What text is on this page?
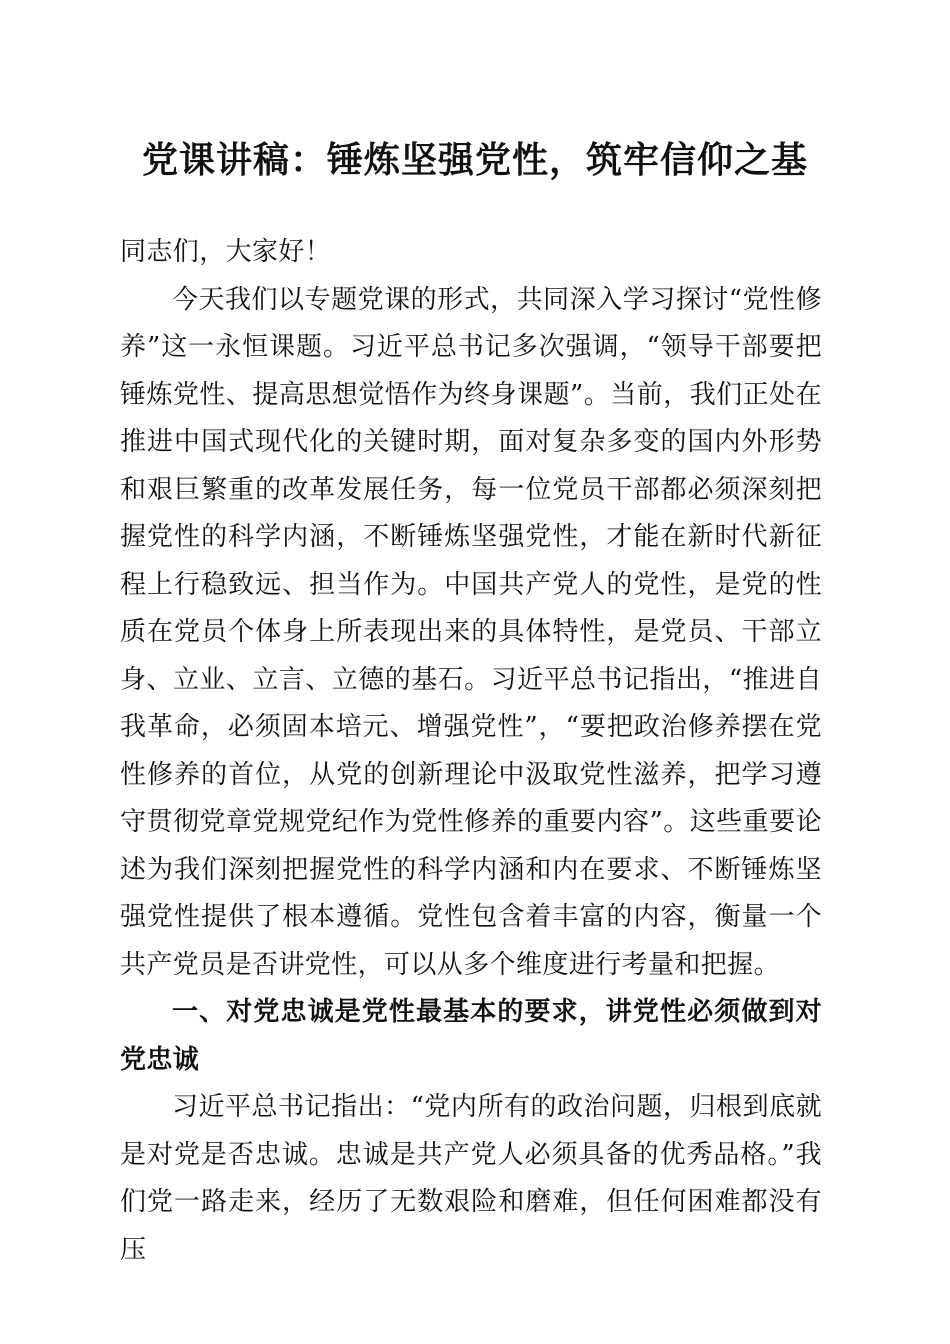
党课讲稿：锤炼坚强党性，筑牢信仰之基

同志们，大家好！

今天我们以专题党课的形式，共同深入学习探讨“党性修养”这一永恒课题。习近平总书记多次强调，“领导干部要把锤炼党性、提高思想觉悟作为终身课题”。当前，我们正处在推进中国式现代化的关键时期，面对复杂多变的国内外形势和艰巨繁重的改革发展任务，每一位党员干部都必须深刻把握党性的科学内涵，不断锤炼坚强党性，才能在新时代新征程上行稳致远、担当作为。中国共产党人的党性，是党的性质在党员个体身上所表现出来的具体特性，是党员、干部立身、立业、立言、立德的基石。习近平总书记指出，“推进自我革命，必须固本培元、增强党性”，“要把政治修养摆在党性修养的首位，从党的创新理论中汲取党性滋养，把学习遵守贯彻党章党规党纪作为党性修养的重要内容”。这些重要论述为我们深刻把握党性的科学内涵和内在要求、不断锤炼坚强党性提供了根本遵循。党性包含着丰富的内容，衡量一个共产党员是否讲党性，可以从多个维度进行考量和把握。

一、对党忠诚是党性最基本的要求，讲党性必须做到对党忠诚

习近平总书记指出：“党内所有的政治问题，归根到底就是对党是否忠诚。忠诚是共产党人必须具备的优秀品格。”我们党一路走来，经历了无数艰险和磨难，但任何困难都没有压
